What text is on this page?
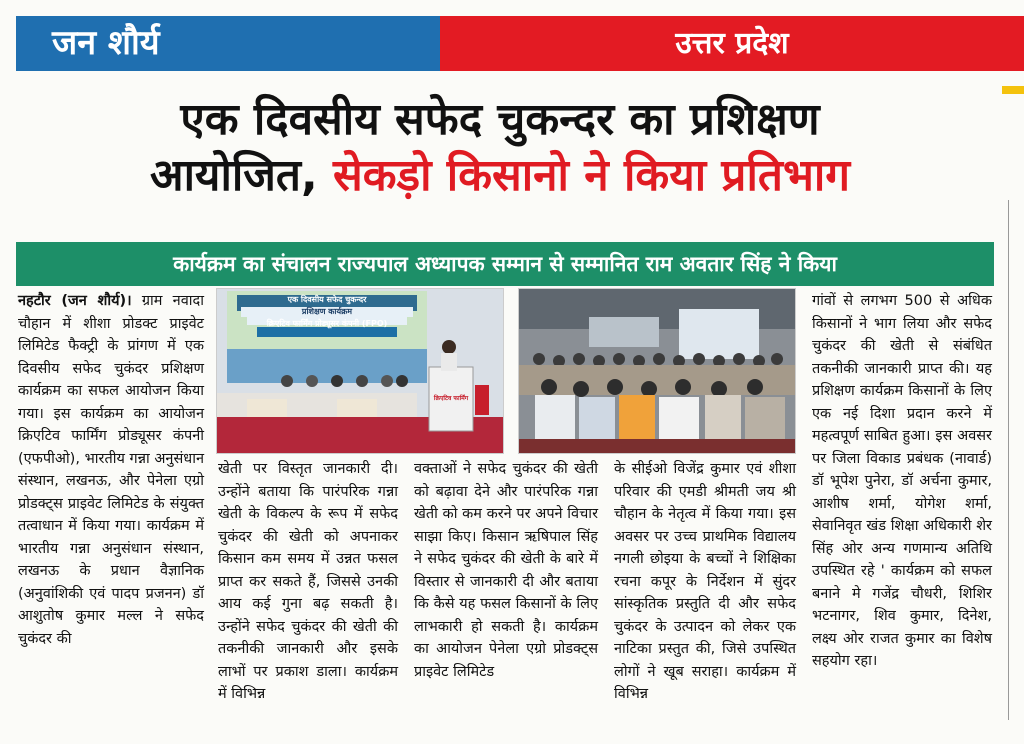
जन शौर्य	उत्तर प्रदेश
एक दिवसीय सफेद चुकन्दर का प्रशिक्षण
आयोजित, सेकड़ो किसानो ने किया प्रतिभाग
कार्यक्रम का संचालन राज्यपाल अध्यापक सम्मान से सम्मानित राम अवतार सिंह ने किया
नहटौर (जन शौर्य)। ग्राम नवादा चौहान में शीशा प्रोडक्ट प्राइवेट लिमिटेड फैक्ट्री के प्रांगण में एक दिवसीय सफेद चुकंदर प्रशिक्षण कार्यक्रम का सफल आयोजन किया गया। इस कार्यक्रम का आयोजन क्रिएटिव फार्मिंग प्रोड्यूसर कंपनी (एफपीओ), भारतीय गन्ना अनुसंधान संस्थान, लखनऊ, और पेनेला एग्रो प्रोडक्ट्स प्राइवेट लिमिटेड के संयुक्त तत्वाधान में किया गया। कार्यक्रम में भारतीय गन्ना अनुसंधान संस्थान, लखनऊ के प्रधान वैज्ञानिक (अनुवांशिकी एवं पादप प्रजनन) डॉ आशुतोष कुमार मल्ल ने सफेद चुकंदर की
एक दिवसीय सफेद चुकन्दर
प्रशिक्षण कार्यक्रम
क्रिएटिव फार्मिंग प्रोड्यूसर कंपनी (FPO)
क्रिएटिव फार्मिंग
खेती पर विस्तृत जानकारी दी। उन्होंने बताया कि पारंपरिक गन्ना खेती के विकल्प के रूप में सफेद चुकंदर की खेती को अपनाकर किसान कम समय में उन्नत फसल प्राप्त कर सकते हैं, जिससे उनकी आय कई गुना बढ़ सकती है। उन्होंने सफेद चुकंदर की खेती की तकनीकी जानकारी और इसके लाभों पर प्रकाश डाला। कार्यक्रम में विभिन्न
वक्ताओं ने सफेद चुकंदर की खेती को बढ़ावा देने और पारंपरिक गन्ना खेती को कम करने पर अपने विचार साझा किए। किसान ऋषिपाल सिंह ने सफेद चुकंदर की खेती के बारे में विस्तार से जानकारी दी और बताया कि कैसे यह फसल किसानों के लिए लाभकारी हो सकती है। कार्यक्रम का आयोजन पेनेला एग्रो प्रोडक्ट्स प्राइवेट लिमिटेड
के सीईओ विजेंद्र कुमार एवं शीशा परिवार की एमडी श्रीमती जय श्री चौहान के नेतृत्व में किया गया। इस अवसर पर उच्च प्राथमिक विद्यालय नगली छोइया के बच्चों ने शिक्षिका रचना कपूर के निर्देशन में सुंदर सांस्कृतिक प्रस्तुति दी और सफेद चुकंदर के उत्पादन को लेकर एक नाटिका प्रस्तुत की, जिसे उपस्थित लोगों ने खूब सराहा। कार्यक्रम में विभिन्न
गांवों से लगभग 500 से अधिक किसानों ने भाग लिया और सफेद चुकंदर की खेती से संबंधित तकनीकी जानकारी प्राप्त की। यह प्रशिक्षण कार्यक्रम किसानों के लिए एक नई दिशा प्रदान करने में महत्वपूर्ण साबित हुआ। इस अवसर पर जिला विकाड प्रबंधक (नावार्ड) डॉ भूपेश पुनेरा, डॉ अर्चना कुमार, आशीष शर्मा, योगेश शर्मा, सेवानिवृत खंड शिक्षा अधिकारी शेर सिंह ओर अन्य गणमान्य अतिथि उपस्थित रहे ' कार्यक्रम को सफल बनाने मे गजेंद्र चौधरी, शिशिर भटनागर, शिव कुमार, दिनेश, लक्ष्य ओर राजत कुमार का विशेष सहयोग रहा।
